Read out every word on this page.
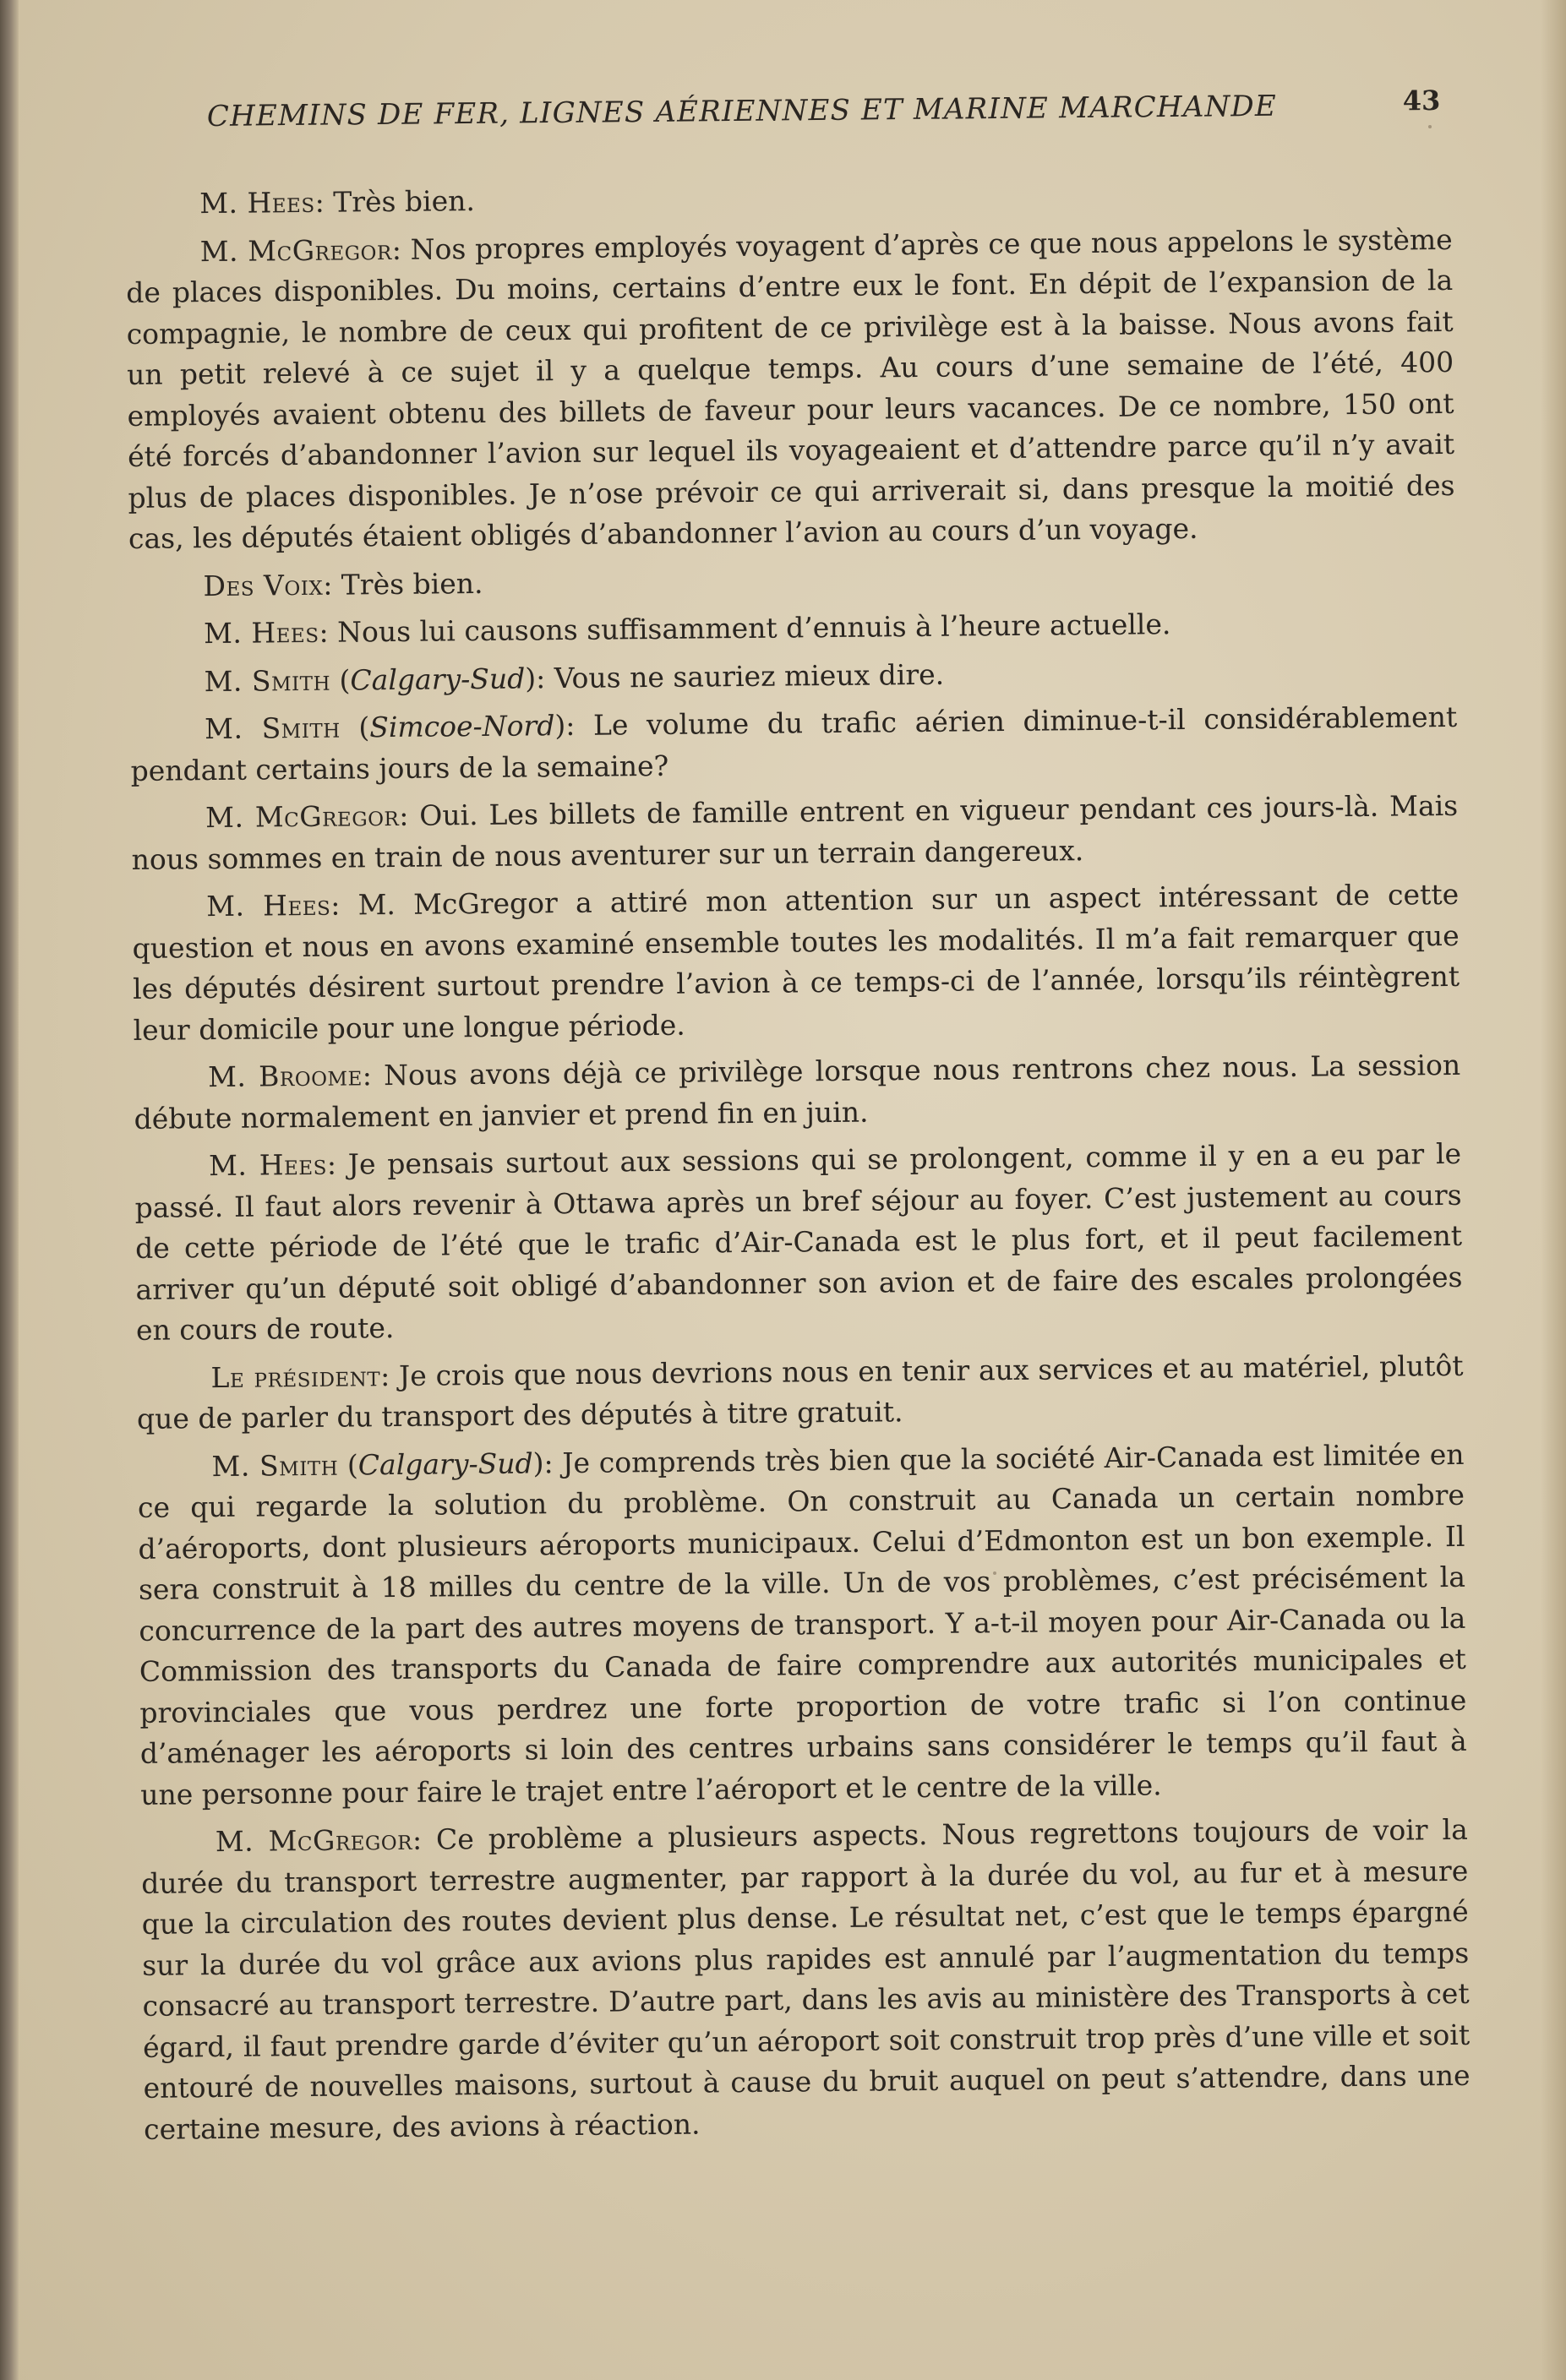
CHEMINS DE FER, LIGNES AÉRIENNES ET MARINE MARCHANDE	43

M. Hees: Très bien.

M. McGregor: Nos propres employés voyagent d’après ce que nous appelons le système de places disponibles. Du moins, certains d’entre eux le font. En dépit de l’expansion de la compagnie, le nombre de ceux qui profitent de ce privilège est à la baisse. Nous avons fait un petit relevé à ce sujet il y a quelque temps. Au cours d’une semaine de l’été, 400 employés avaient obtenu des billets de faveur pour leurs vacances. De ce nombre, 150 ont été forcés d’abandonner l’avion sur lequel ils voyageaient et d’attendre parce qu’il n’y avait plus de places disponibles. Je n’ose prévoir ce qui arriverait si, dans presque la moitié des cas, les députés étaient obligés d’abandonner l’avion au cours d’un voyage.

Des Voix: Très bien.

M. Hees: Nous lui causons suffisamment d’ennuis à l’heure actuelle.

M. Smith (Calgary-Sud): Vous ne sauriez mieux dire.

M. Smith (Simcoe-Nord): Le volume du trafic aérien diminue-t-il considérablement pendant certains jours de la semaine?

M. McGregor: Oui. Les billets de famille entrent en vigueur pendant ces jours-là. Mais nous sommes en train de nous aventurer sur un terrain dangereux.

M. Hees: M. McGregor a attiré mon attention sur un aspect intéressant de cette question et nous en avons examiné ensemble toutes les modalités. Il m’a fait remarquer que les députés désirent surtout prendre l’avion à ce temps-ci de l’année, lorsqu’ils réintègrent leur domicile pour une longue période.

M. Broome: Nous avons déjà ce privilège lorsque nous rentrons chez nous. La session débute normalement en janvier et prend fin en juin.

M. Hees: Je pensais surtout aux sessions qui se prolongent, comme il y en a eu par le passé. Il faut alors revenir à Ottawa après un bref séjour au foyer. C’est justement au cours de cette période de l’été que le trafic d’Air-Canada est le plus fort, et il peut facilement arriver qu’un député soit obligé d’abandonner son avion et de faire des escales prolongées en cours de route.

Le président: Je crois que nous devrions nous en tenir aux services et au matériel, plutôt que de parler du transport des députés à titre gratuit.

M. Smith (Calgary-Sud): Je comprends très bien que la société Air-Canada est limitée en ce qui regarde la solution du problème. On construit au Canada un certain nombre d’aéroports, dont plusieurs aéroports municipaux. Celui d’Edmonton est un bon exemple. Il sera construit à 18 milles du centre de la ville. Un de vos problèmes, c’est précisément la concurrence de la part des autres moyens de transport. Y a-t-il moyen pour Air-Canada ou la Commission des transports du Canada de faire comprendre aux autorités municipales et provinciales que vous perdrez une forte proportion de votre trafic si l’on continue d’aménager les aéroports si loin des centres urbains sans considérer le temps qu’il faut à une personne pour faire le trajet entre l’aéroport et le centre de la ville.

M. McGregor: Ce problème a plusieurs aspects. Nous regrettons toujours de voir la durée du transport terrestre augmenter, par rapport à la durée du vol, au fur et à mesure que la circulation des routes devient plus dense. Le résultat net, c’est que le temps épargné sur la durée du vol grâce aux avions plus rapides est annulé par l’augmentation du temps consacré au transport terrestre. D’autre part, dans les avis au ministère des Transports à cet égard, il faut prendre garde d’éviter qu’un aéroport soit construit trop près d’une ville et soit entouré de nouvelles maisons, surtout à cause du bruit auquel on peut s’attendre, dans une certaine mesure, des avions à réaction.
